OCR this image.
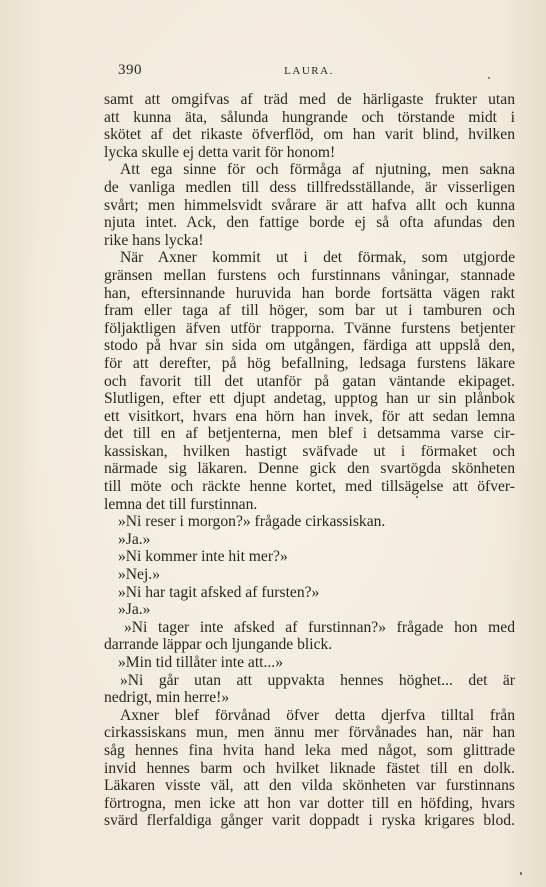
390	LAURA.
samt att omgifvas af träd med de härligaste frukter utan
att kunna äta, sålunda hungrande och törstande midt i
skötet af det rikaste öfverflöd, om han varit blind, hvilken
lycka skulle ej detta varit för honom!
Att ega sinne för och förmåga af njutning, men sakna
de vanliga medlen till dess tillfredsställande, är visserligen
svårt; men himmelsvidt svårare är att hafva allt och kunna
njuta intet. Ack, den fattige borde ej så ofta afundas den
rike hans lycka!
När Axner kommit ut i det förmak, som utgjorde
gränsen mellan furstens och furstinnans våningar, stannade
han, eftersinnande huruvida han borde fortsätta vägen rakt
fram eller taga af till höger, som bar ut i tamburen och
följaktligen äfven utför trapporna. Tvänne furstens betjenter
stodo på hvar sin sida om utgången, färdiga att uppslå den,
för att derefter, på hög befallning, ledsaga furstens läkare
och favorit till det utanför på gatan väntande ekipaget.
Slutligen, efter ett djupt andetag, upptog han ur sin plånbok
ett visitkort, hvars ena hörn han invek, för att sedan lemna
det till en af betjenterna, men blef i detsamma varse cir-
kassiskan, hvilken hastigt sväfvade ut i förmaket och
närmade sig läkaren. Denne gick den svartögda skönheten
till möte och räckte henne kortet, med tillsägelse att öfver-
lemna det till furstinnan.
»Ni reser i morgon?» frågade cirkassiskan.
»Ja.»
»Ni kommer inte hit mer?»
»Nej.»
»Ni har tagit afsked af fursten?»
»Ja.»
»Ni tager inte afsked af furstinnan?» frågade hon med
darrande läppar och ljungande blick.
»Min tid tillåter inte att...»
»Ni går utan att uppvakta hennes höghet... det är
nedrigt, min herre!»
Axner blef förvånad öfver detta djerfva tilltal från
cirkassiskans mun, men ännu mer förvånades han, när han
såg hennes fina hvita hand leka med något, som glittrade
invid hennes barm och hvilket liknade fästet till en dolk.
Läkaren visste väl, att den vilda skönheten var furstinnans
förtrogna, men icke att hon var dotter till en höfding, hvars
svärd flerfaldiga gånger varit doppadt i ryska krigares blod.
